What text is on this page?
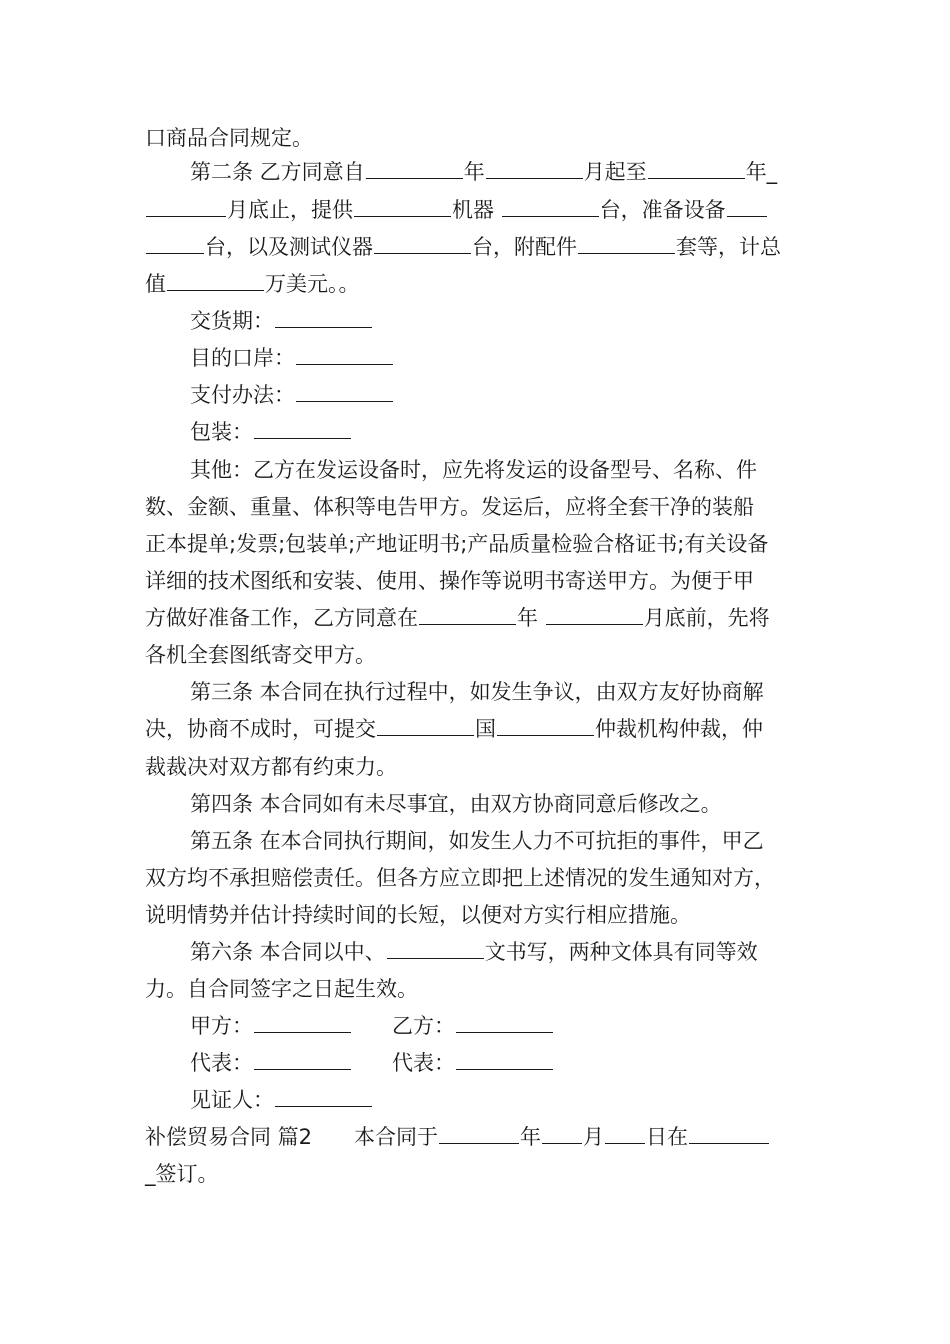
口商品合同规定。
第二条 乙方同意自	年	月起至	年_
月底止，提供	机器	台，准备设备
台，以及测试仪器	台，附配件	套等，计总
值	万美元。。
交货期：
目的口岸：
支付办法：
包装：
其他：乙方在发运设备时，应先将发运的设备型号、名称、件
数、金额、重量、体积等电告甲方。发运后，应将全套干净的装船
正本提单;发票;包装单;产地证明书;产品质量检验合格证书;有关设备
详细的技术图纸和安装、使用、操作等说明书寄送甲方。为便于甲
方做好准备工作，乙方同意在	年	月底前，先将
各机全套图纸寄交甲方。
第三条 本合同在执行过程中，如发生争议，由双方友好协商解
决，协商不成时，可提交	国	仲裁机构仲裁，仲
裁裁决对双方都有约束力。
第四条 本合同如有未尽事宜，由双方协商同意后修改之。
第五条 在本合同执行期间，如发生人力不可抗拒的事件，甲乙
双方均不承担赔偿责任。但各方应立即把上述情况的发生通知对方，
说明情势并估计持续时间的长短，以便对方实行相应措施。
第六条 本合同以中、	文书写，两种文体具有同等效
力。自合同签字之日起生效。
甲方：	乙方：
代表：	代表：
见证人：
补偿贸易合同 篇2 本合同于	年 月 日在
_签订。
